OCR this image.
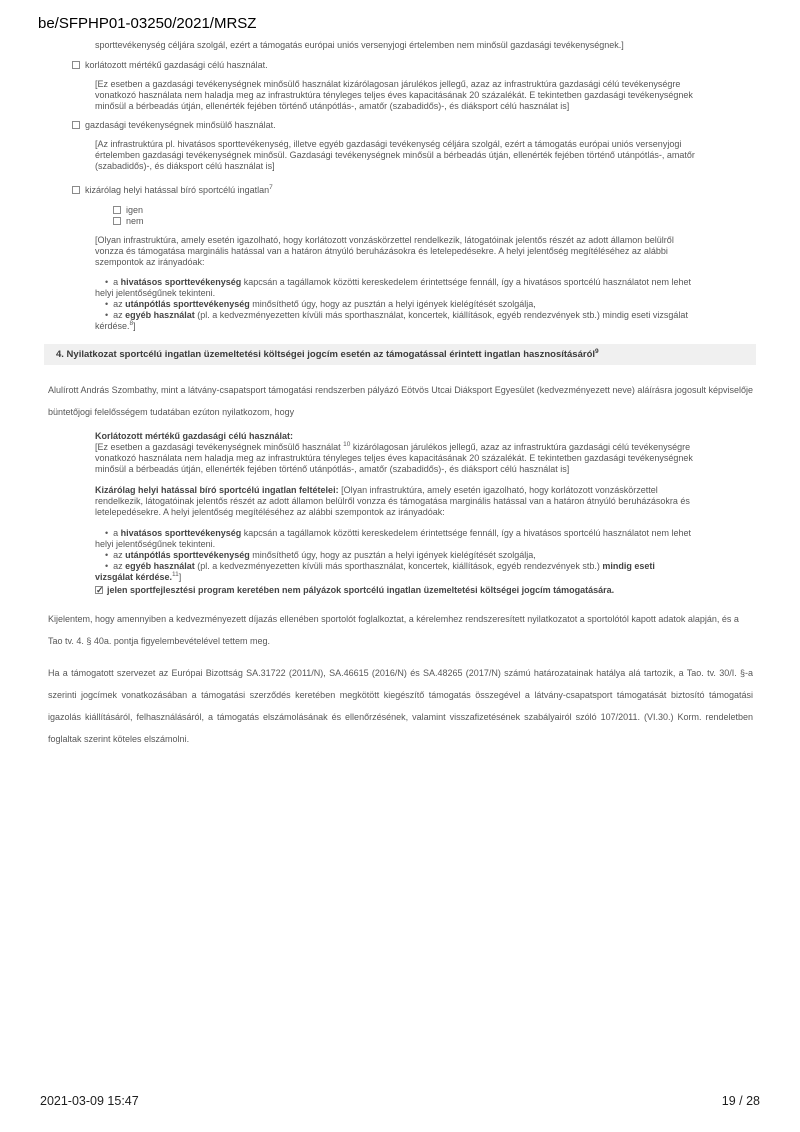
be/SFPHP01-03250/2021/MRSZ
sporttevékenység céljára szolgál, ezért a támogatás európai uniós versenyjogi értelemben nem minősül gazdasági tevékenységnek.]
korlátozott mértékű gazdasági célú használat.
[Ez esetben a gazdasági tevékenységnek minősülő használat kizárólagosan járulékos jellegű, azaz az infrastruktúra gazdasági célú tevékenységre vonatkozó használata nem haladja meg az infrastruktúra tényleges teljes éves kapacitásának 20 százalékát. E tekintetben gazdasági tevékenységnek minősül a bérbeadás útján, ellenérték fejében történő utánpótlás-, amatőr (szabadidős)-, és diáksport célú használat is]
gazdasági tevékenységnek minősülő használat.
[Az infrastruktúra pl. hivatásos sporttevékenység, illetve egyéb gazdasági tevékenység céljára szolgál, ezért a támogatás európai uniós versenyjogi értelemben gazdasági tevékenységnek minősül. Gazdasági tevékenységnek minősül a bérbeadás útján, ellenérték fejében történő utánpótlás-, amatőr (szabadidős)-, és diáksport célú használat is]
kizárólag helyi hatással bíró sportcélú ingatlan$^7$
igen
nem
[Olyan infrastruktúra, amely esetén igazolható, hogy korlátozott vonzáskörzettel rendelkezik, látogatóinak jelentős részét az adott államon belülről vonzza és támogatása marginális hatással van a határon átnyúló beruházásokra és letelepedésekre. A helyi jelentőség megítéléséhez az alábbi szempontok az irányadóak:
• a hivatásos sporttevékenység kapcsán a tagállamok közötti kereskedelem érintettsége fennáll, így a hivatásos sportcélú használatot nem lehet helyi jelentőségűnek tekinteni.
• az utánpótlás sporttevékenység minősíthető úgy, hogy az pusztán a helyi igények kielégítését szolgálja,
• az egyéb használat (pl. a kedvezményezetten kívüli más sporthasználat, koncertek, kiállítások, egyéb rendezvények stb.) mindig eseti vizsgálat kérdése.$^8$]
4. Nyilatkozat sportcélú ingatlan üzemeltetési költségei jogcím esetén az támogatással érintett ingatlan hasznosításáról$^9$
Alulírott András Szombathy, mint a látvány-csapatsport támogatási rendszerben pályázó Eötvös Utcai Diáksport Egyesület (kedvezményezett neve) aláírásra jogosult képviselője büntetőjogi felelősségem tudatában ezúton nyilatkozom, hogy
Korlátozott mértékű gazdasági célú használat:
[Ez esetben a gazdasági tevékenységnek minősülő használat $^{10}$ kizárólagosan járulékos jellegű, azaz az infrastruktúra gazdasági célú tevékenységre vonatkozó használata nem haladja meg az infrastruktúra tényleges teljes éves kapacitásának 20 százalékát. E tekintetben gazdasági tevékenységnek minősül a bérbeadás útján, ellenérték fejében történő utánpótlás-, amatőr (szabadidős)-, és diáksport célú használat is]
Kizárólag helyi hatással bíró sportcélú ingatlan feltételei: [Olyan infrastruktúra, amely esetén igazolható, hogy korlátozott vonzáskörzettel rendelkezik, látogatóinak jelentős részét az adott államon belülről vonzza és támogatása marginális hatással van a határon átnyúló beruházásokra és letelepedésekre. A helyi jelentőség megítéléséhez az alábbi szempontok az irányadóak:
• a hivatásos sporttevékenység kapcsán a tagállamok közötti kereskedelem érintettsége fennáll, így a hivatásos sportcélú használatot nem lehet helyi jelentőségűnek tekinteni.
• az utánpótlás sporttevékenység minősíthető úgy, hogy az pusztán a helyi igények kielégítését szolgálja,
• az egyéb használat (pl. a kedvezményezetten kívüli más sporthasználat, koncertek, kiállítások, egyéb rendezvények stb.) mindig eseti vizsgálat kérdése.$^{11}$]
✓jelen sportfejlesztési program keretében nem pályázok sportcélú ingatlan üzemeltetési költségei jogcím támogatására.
Kijelentem, hogy amennyiben a kedvezményezett díjazás ellenében sportolót foglalkoztat, a kérelemhez rendszeresített nyilatkozatot a sportolótól kapott adatok alapján, és a Tao tv. 4. § 40a. pontja figyelembevételével tettem meg.
Ha a támogatott szervezet az Európai Bizottság SA.31722 (2011/N), SA.46615 (2016/N) és SA.48265 (2017/N) számú határozatainak hatálya alá tartozik, a Tao. tv. 30/I. §-a szerinti jogcímek vonatkozásában a támogatási szerződés keretében megkötött kiegészítő támogatás összegével a látvány-csapatsport támogatását biztosító támogatási igazolás kiállításáról, felhasználásáról, a támogatás elszámolásának és ellenőrzésének, valamint visszafizetésének szabályairól szóló 107/2011. (VI.30.) Korm. rendeletben foglaltak szerint köteles elszámolni.
2021-03-09 15:47	19 / 28
